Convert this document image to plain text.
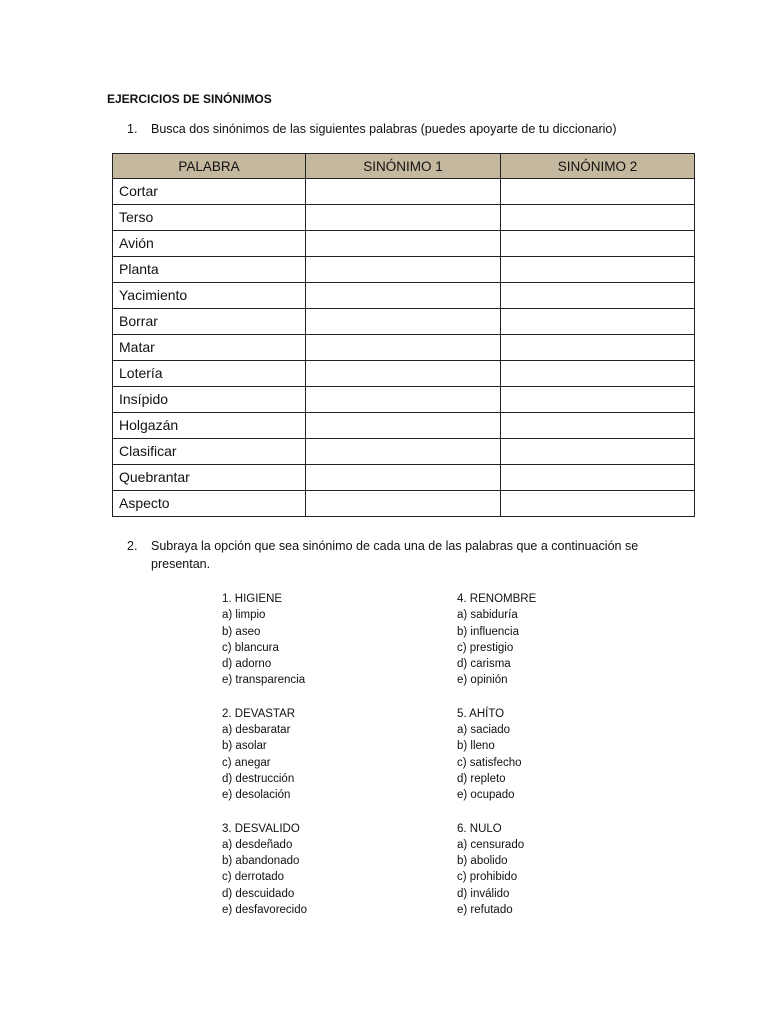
EJERCICIOS DE SINÓNIMOS
1. Busca dos sinónimos de las siguientes palabras (puedes apoyarte de tu diccionario)
PALABRA	SINÓNIMO 1	SINÓNIMO 2
Cortar		
Terso		
Avión		
Planta		
Yacimiento		
Borrar		
Matar		
Lotería		
Insípido		
Holgazán		
Clasificar		
Quebrantar		
Aspecto		
2. Subraya la opción que sea sinónimo de cada una de las palabras que a continuación se presentan.
1. HIGIENE
a) limpio
b) aseo
c) blancura
d) adorno
e) transparencia
2. DEVASTAR
a) desbaratar
b) asolar
c) anegar
d) destrucción
e) desolación
3. DESVALIDO
a) desdeñado
b) abandonado
c) derrotado
d) descuidado
e) desfavorecido
4. RENOMBRE
a) sabiduría
b) influencia
c) prestigio
d) carisma
e) opinión
5. AHÍTO
a) saciado
b) lleno
c) satisfecho
d) repleto
e) ocupado
6. NULO
a) censurado
b) abolido
c) prohibido
d) inválido
e) refutado
